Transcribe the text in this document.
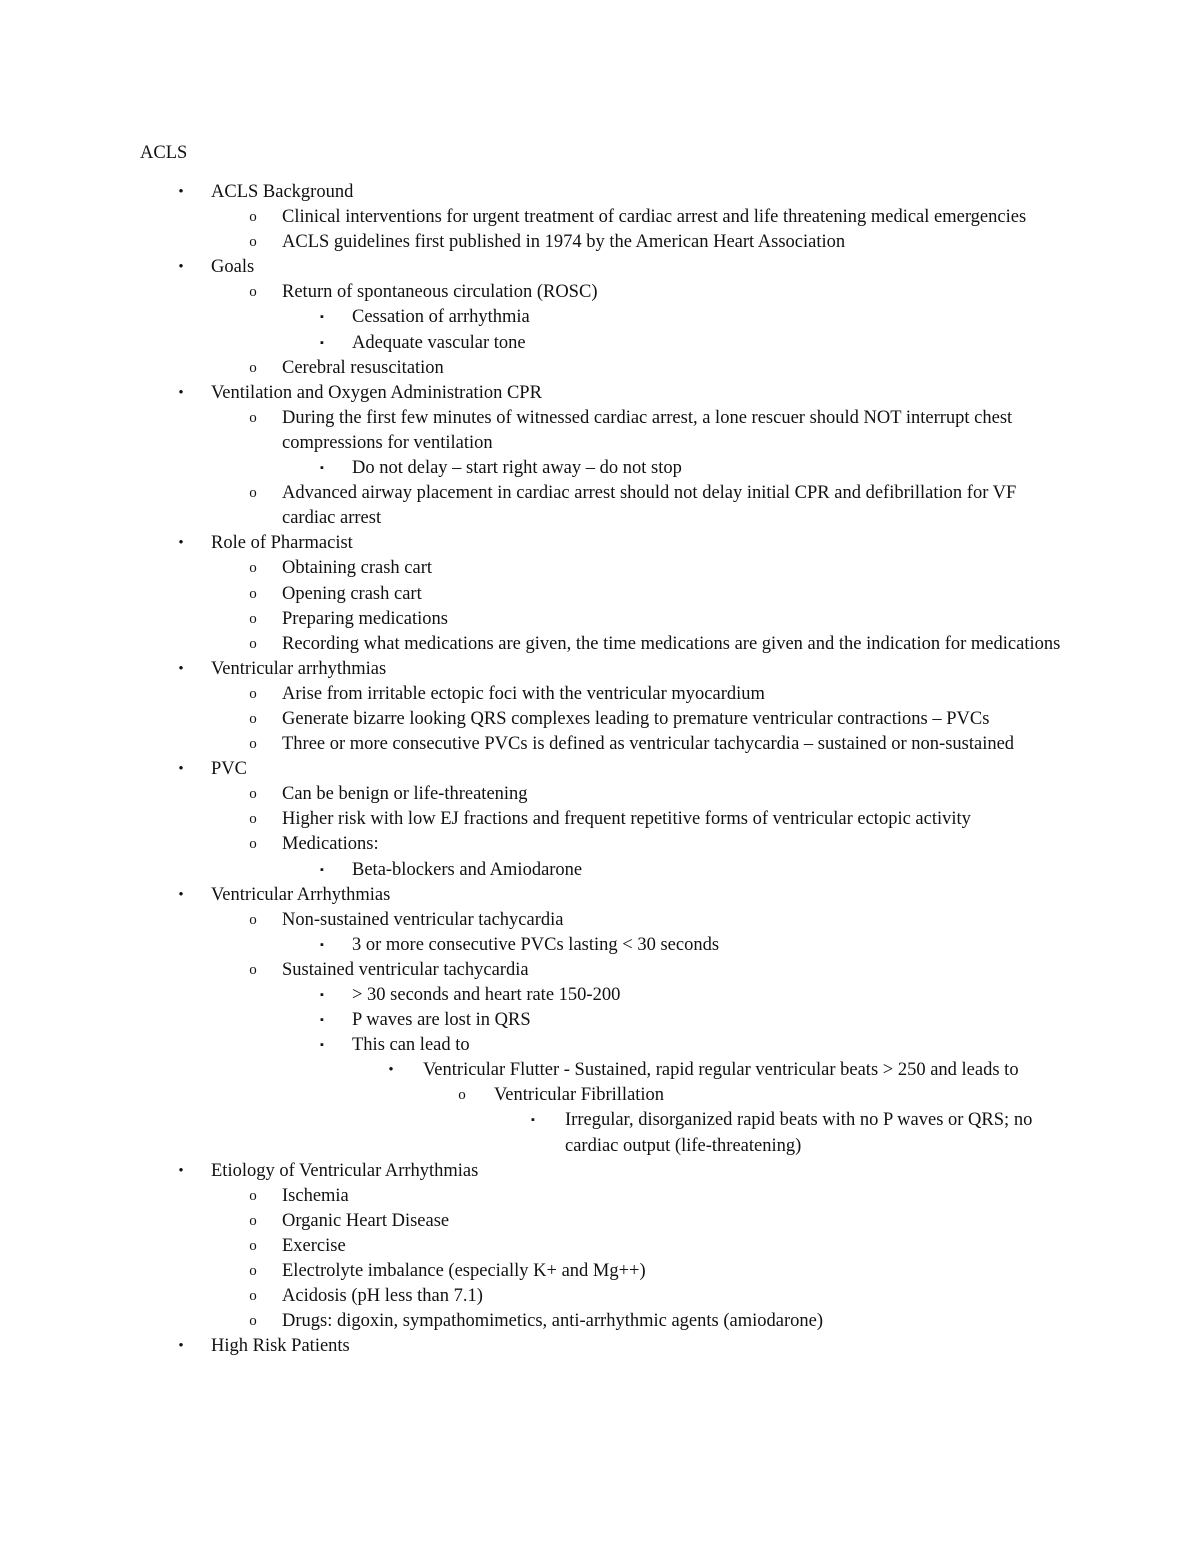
ACLS
•	ACLS Background
o	Clinical interventions for urgent treatment of cardiac arrest and life threatening medical emergencies
o	ACLS guidelines first published in 1974 by the American Heart Association
•	Goals
o	Return of spontaneous circulation (ROSC)
▪	Cessation of arrhythmia
▪	Adequate vascular tone
o	Cerebral resuscitation
•	Ventilation and Oxygen Administration CPR
o	During the first few minutes of witnessed cardiac arrest, a lone rescuer should NOT interrupt chest compressions for ventilation
▪	Do not delay – start right away – do not stop
o	Advanced airway placement in cardiac arrest should not delay initial CPR and defibrillation for VF cardiac arrest
•	Role of Pharmacist
o	Obtaining crash cart
o	Opening crash cart
o	Preparing medications
o	Recording what medications are given, the time medications are given and the indication for medications
•	Ventricular arrhythmias
o	Arise from irritable ectopic foci with the ventricular myocardium
o	Generate bizarre looking QRS complexes leading to premature ventricular contractions – PVCs
o	Three or more consecutive PVCs is defined as ventricular tachycardia – sustained or non-sustained
•	PVC
o	Can be benign or life-threatening
o	Higher risk with low EJ fractions and frequent repetitive forms of ventricular ectopic activity
o	Medications:
▪	Beta-blockers and Amiodarone
•	Ventricular Arrhythmias
o	Non-sustained ventricular tachycardia
▪	3 or more consecutive PVCs lasting < 30 seconds
o	Sustained ventricular tachycardia
▪	> 30 seconds and heart rate 150-200
▪	P waves are lost in QRS
▪	This can lead to
•	Ventricular Flutter - Sustained, rapid regular ventricular beats > 250 and leads to
o	Ventricular Fibrillation
▪	Irregular, disorganized rapid beats with no P waves or QRS; no cardiac output (life-threatening)
•	Etiology of Ventricular Arrhythmias
o	Ischemia
o	Organic Heart Disease
o	Exercise
o	Electrolyte imbalance (especially K+ and Mg++)
o	Acidosis (pH less than 7.1)
o	Drugs: digoxin, sympathomimetics, anti-arrhythmic agents (amiodarone)
•	High Risk Patients
